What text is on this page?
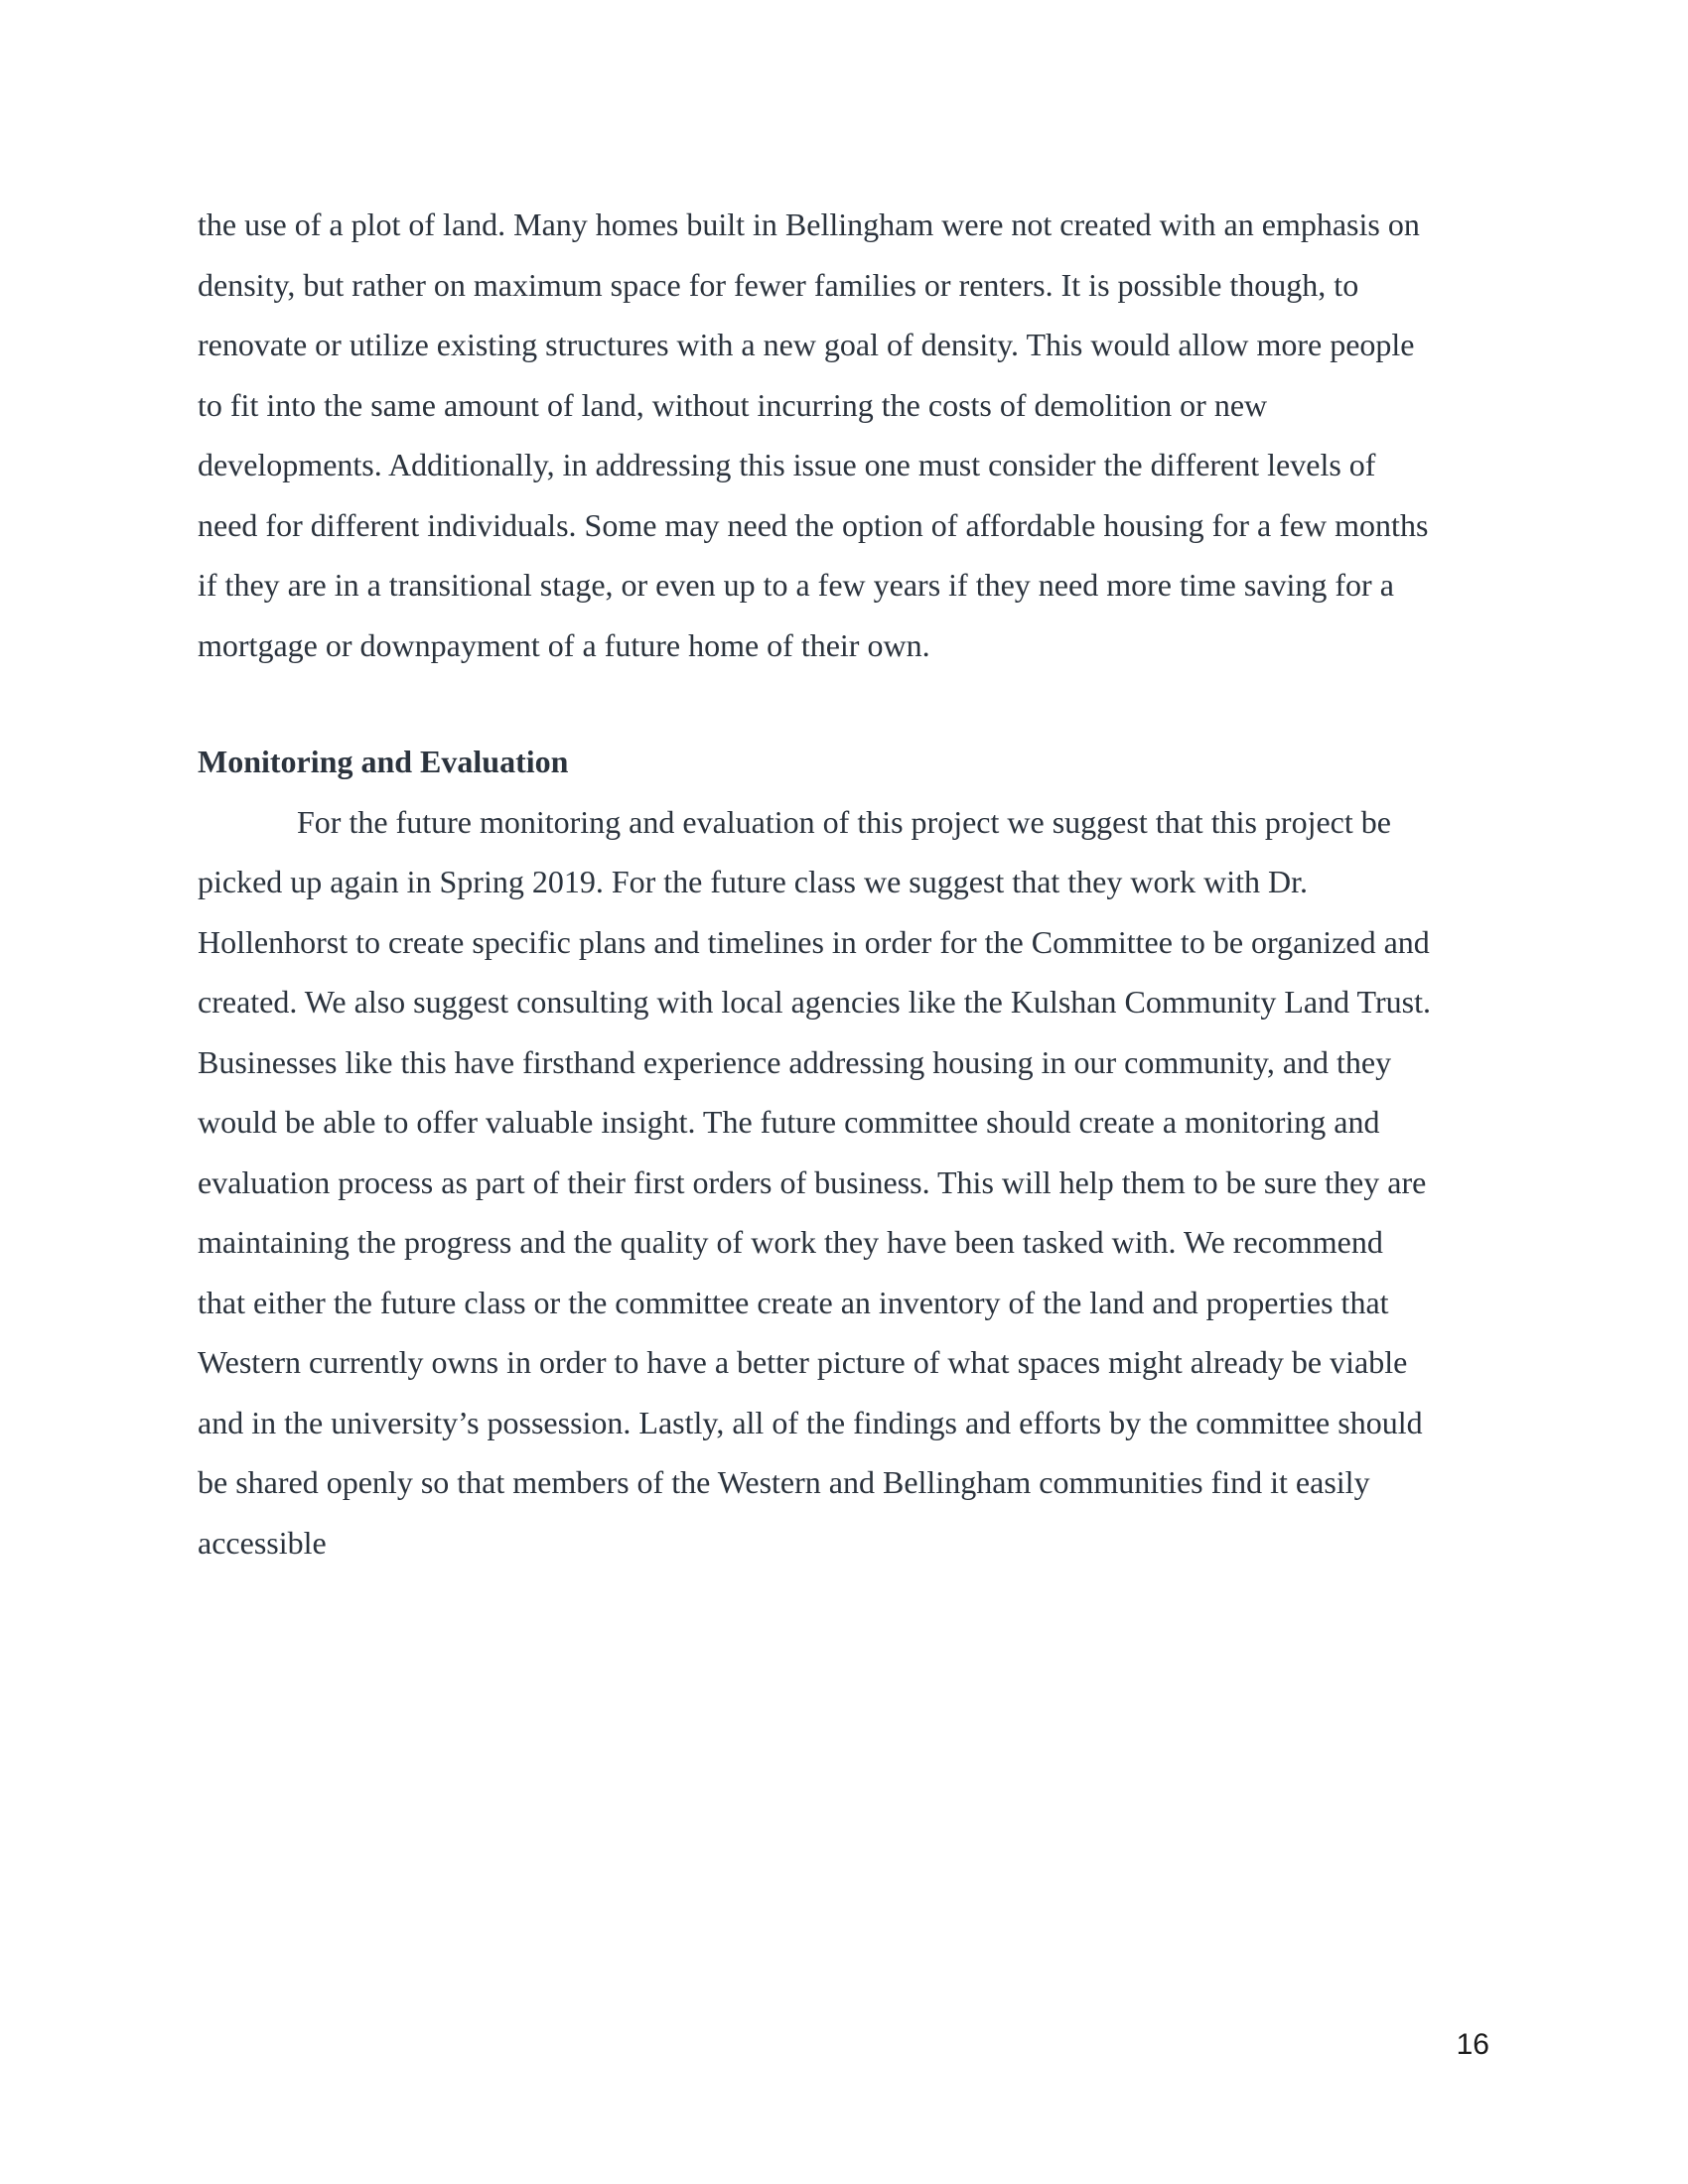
the use of a plot of land. Many homes built in Bellingham were not created with an emphasis on
density, but rather on maximum space for fewer families or renters. It is possible though, to
renovate or utilize existing structures with a new goal of density. This would allow more people
to fit into the same amount of land, without incurring the costs of demolition or new
developments. Additionally, in addressing this issue one must consider the different levels of
need for different individuals. Some may need the option of affordable housing for a few months
if they are in a transitional stage, or even up to a few years if they need more time saving for a
mortgage or downpayment of a future home of their own.
Monitoring and Evaluation
For the future monitoring and evaluation of this project we suggest that this project be
picked up again in Spring 2019. For the future class we suggest that they work with Dr.
Hollenhorst to create specific plans and timelines in order for the Committee to be organized and
created. We also suggest consulting with local agencies like the Kulshan Community Land Trust.
Businesses like this have firsthand experience addressing housing in our community, and they
would be able to offer valuable insight. The future committee should create a monitoring and
evaluation process as part of their first orders of business. This will help them to be sure they are
maintaining the progress and the quality of work they have been tasked with. We recommend
that either the future class or the committee create an inventory of the land and properties that
Western currently owns in order to have a better picture of what spaces might already be viable
and in the university’s possession. Lastly, all of the findings and efforts by the committee should
be shared openly so that members of the Western and Bellingham communities find it easily
accessible
16
